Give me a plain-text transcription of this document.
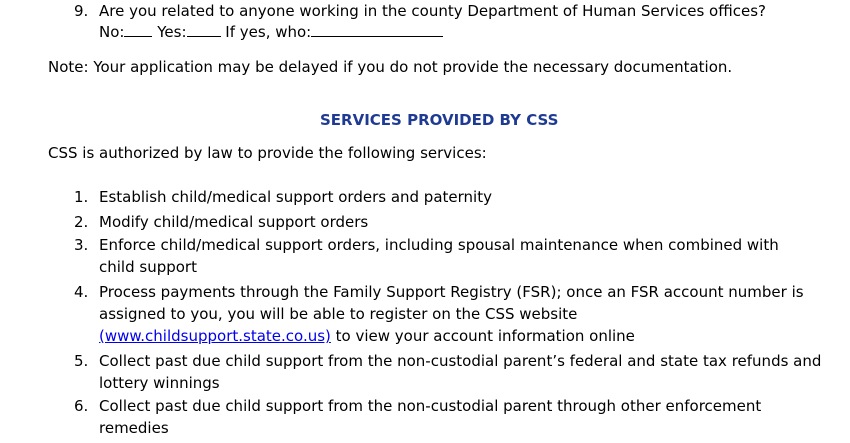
9. Are you related to anyone working in the county Department of Human Services offices?
No: Yes:	If yes, who:
Note: Your application may be delayed if you do not provide the necessary documentation.
SERVICES PROVIDED BY CSS
CSS is authorized by law to provide the following services:
1. Establish child/medical support orders and paternity
2. Modify child/medical support orders
3. Enforce child/medical support orders, including spousal maintenance when combined with
child support
4. Process payments through the Family Support Registry (FSR); once an FSR account number is
assigned to you, you will be able to register on the CSS website
(www.childsupport.state.co.us) to view your account information online
5. Collect past due child support from the non-custodial parent’s federal and state tax refunds and
lottery winnings
6. Collect past due child support from the non-custodial parent through other enforcement
remedies
